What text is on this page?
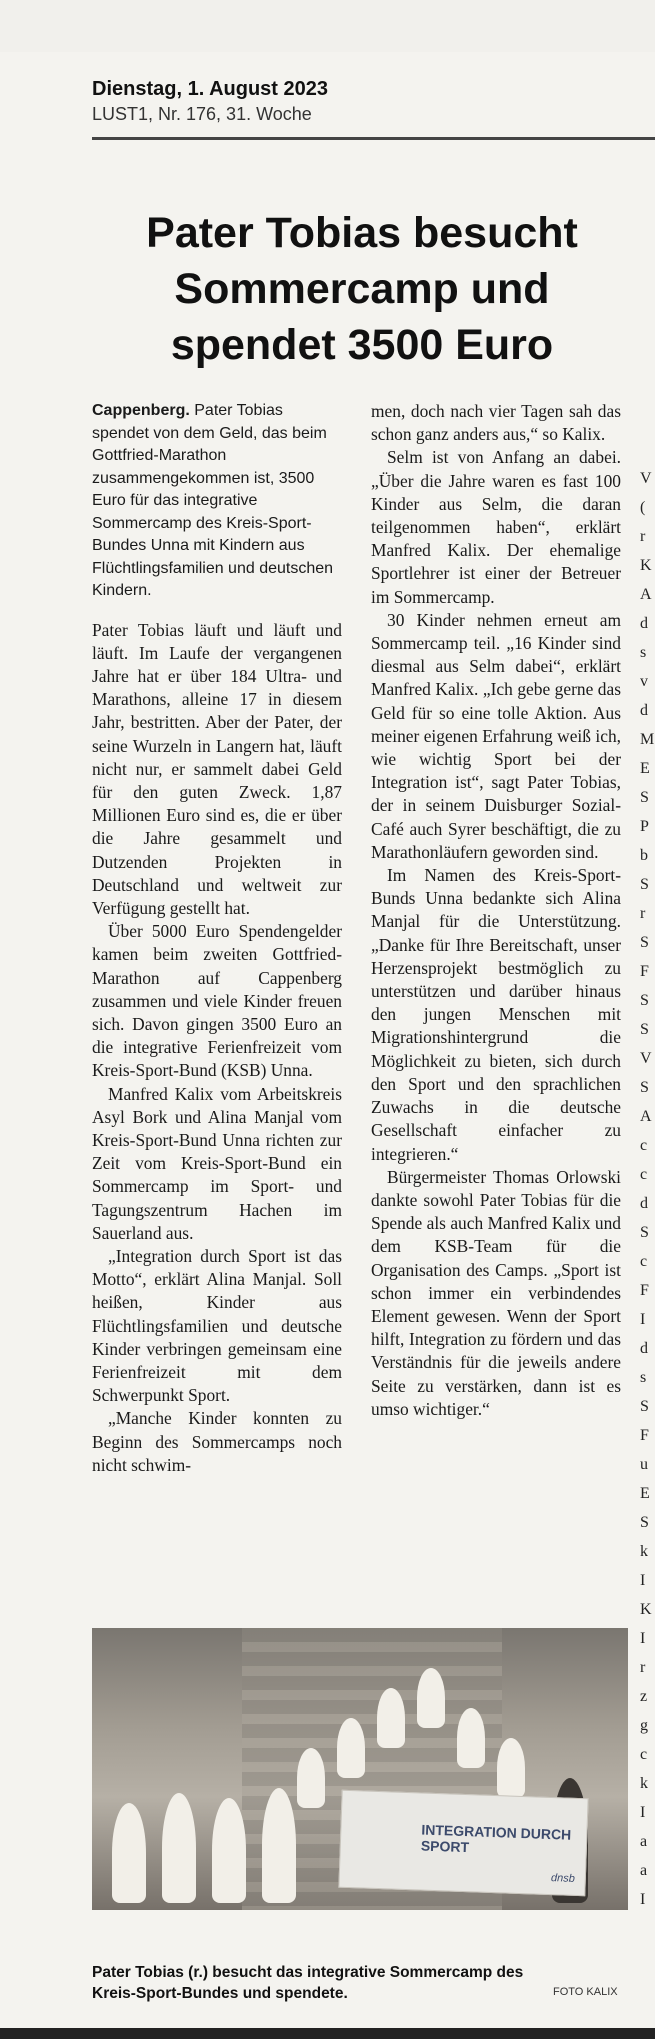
Dienstag, 1. August 2023
LUST1, Nr. 176, 31. Woche
Pater Tobias besucht Sommercamp und spendet 3500 Euro

Cappenberg. Pater Tobias spendet von dem Geld, das beim Gottfried-Marathon zusammengekommen ist, 3500 Euro für das integrative Sommercamp des Kreis-Sport-Bundes Unna mit Kindern aus Flüchtlingsfamilien und deutschen Kindern.

Pater Tobias läuft und läuft und läuft. Im Laufe der vergangenen Jahre hat er über 184 Ultra- und Marathons, alleine 17 in diesem Jahr, bestritten. Aber der Pater, der seine Wurzeln in Langern hat, läuft nicht nur, er sammelt dabei Geld für den guten Zweck. 1,87 Millionen Euro sind es, die er über die Jahre gesammelt und Dutzenden Projekten in Deutschland und weltweit zur Verfügung gestellt hat.

Über 5000 Euro Spendengelder kamen beim zweiten Gottfried-Marathon auf Cappenberg zusammen und viele Kinder freuen sich. Davon gingen 3500 Euro an die integrative Ferienfreizeit vom Kreis-Sport-Bund (KSB) Unna.

Manfred Kalix vom Arbeitskreis Asyl Bork und Alina Manjal vom Kreis-Sport-Bund Unna richten zur Zeit vom Kreis-Sport-Bund ein Sommercamp im Sport- und Tagungszentrum Hachen im Sauerland aus.

„Integration durch Sport ist das Motto“, erklärt Alina Manjal. Soll heißen, Kinder aus Flüchtlingsfamilien und deutsche Kinder verbringen gemeinsam eine Ferienfreizeit mit dem Schwerpunkt Sport.

„Manche Kinder konnten zu Beginn des Sommercamps noch nicht schwim-

men, doch nach vier Tagen sah das schon ganz anders aus,“ so Kalix.

Selm ist von Anfang an dabei. „Über die Jahre waren es fast 100 Kinder aus Selm, die daran teilgenommen haben“, erklärt Manfred Kalix. Der ehemalige Sportlehrer ist einer der Betreuer im Sommercamp.

30 Kinder nehmen erneut am Sommercamp teil. „16 Kinder sind diesmal aus Selm dabei“, erklärt Manfred Kalix. „Ich gebe gerne das Geld für so eine tolle Aktion. Aus meiner eigenen Erfahrung weiß ich, wie wichtig Sport bei der Integration ist“, sagt Pater Tobias, der in seinem Duisburger Sozial-Café auch Syrer beschäftigt, die zu Marathonläufern geworden sind.

Im Namen des Kreis-Sport-Bunds Unna bedankte sich Alina Manjal für die Unterstützung. „Danke für Ihre Bereitschaft, unser Herzensprojekt bestmöglich zu unterstützen und darüber hinaus den jungen Menschen mit Migrationshintergrund die Möglichkeit zu bieten, sich durch den Sport und den sprachlichen Zuwachs in die deutsche Gesellschaft einfacher zu integrieren.“

Bürgermeister Thomas Orlowski dankte sowohl Pater Tobias für die Spende als auch Manfred Kalix und dem KSB-Team für die Organisation des Camps. „Sport ist schon immer ein verbindendes Element gewesen. Wenn der Sport hilft, Integration zu fördern und das Verständnis für die jeweils andere Seite zu verstärken, dann ist es umso wichtiger.“

INTEGRATION DURCH SPORT
dnsb
Pater Tobias (r.) besucht das integrative Sommercamp des Kreis-Sport-Bundes und spendete.	FOTO KALIX
V
(
r
K
A
d
s
v
d
M
E
S
P
b
S
r
S
F
S
S
V
S
A
c
c
d
S
c
F
I
d
s
S
F
u
E
S
k
I
K
I
r
z
g
c
k
I
a
a
I
